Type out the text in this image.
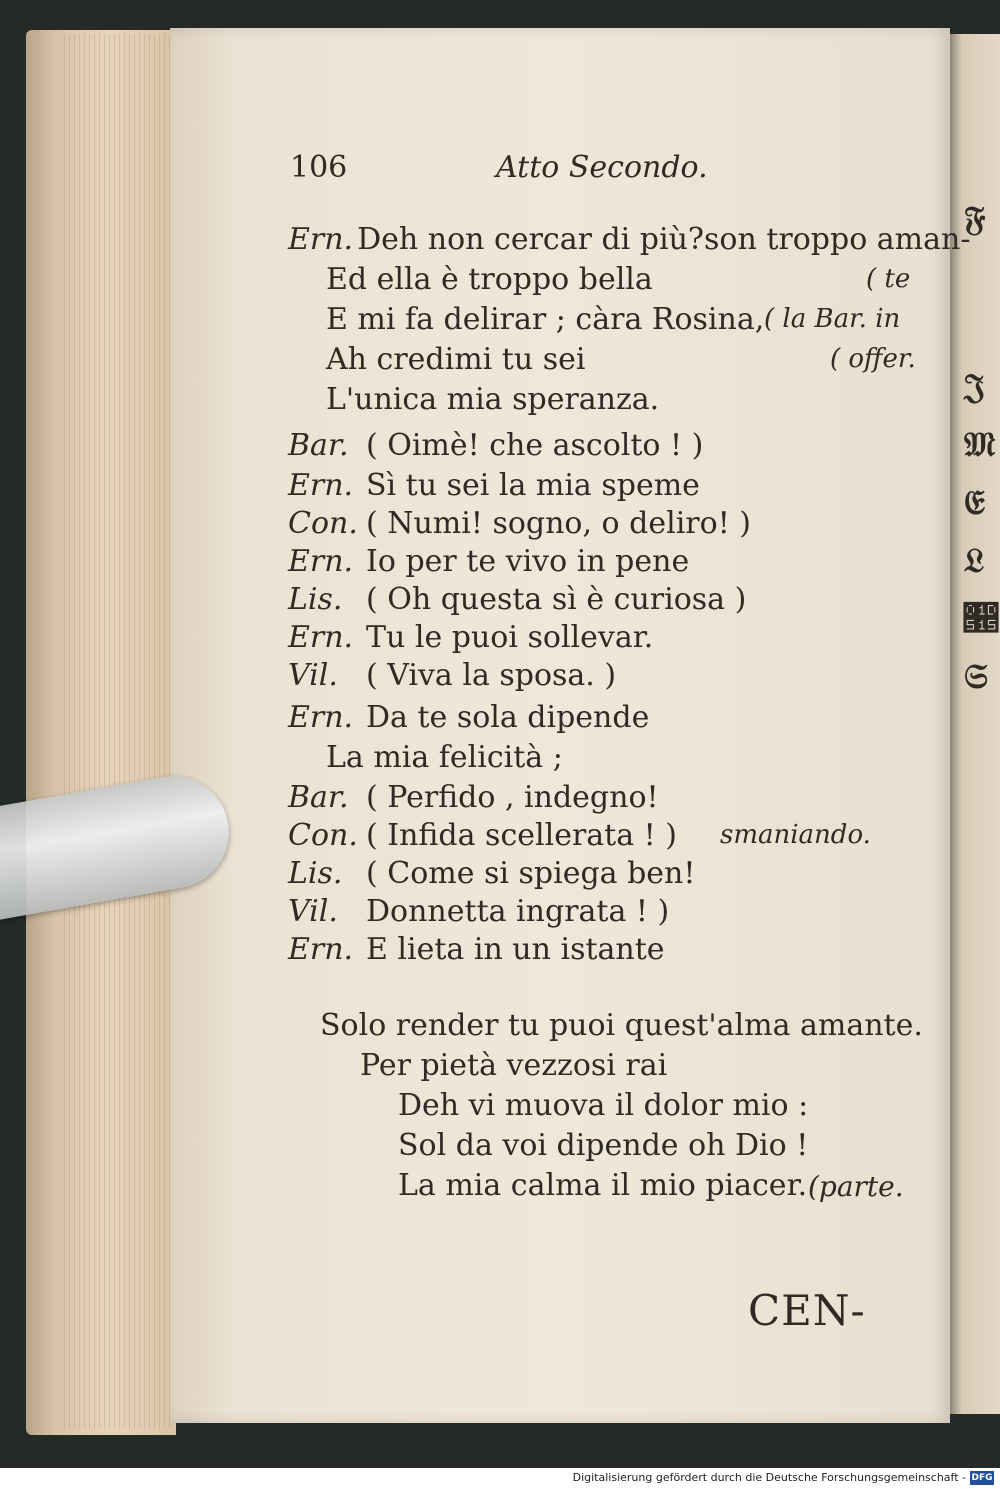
𝔉
𝔍
𝔐
𝔈
𝔏
𝔕
𝔖
106	Atto Secondo.
Ern. Deh non cercar di più?son troppo aman-
Ed ella è troppo bella
E mi fa delirar ; càra Rosina,
Ah credimi tu sei
L'unica mia speranza.
Bar. ( Oimè! che ascolto ! )
Ern. Sì tu sei la mia speme
Con. ( Numi! sogno, o deliro! )
Ern. Io per te vivo in pene
Lis. ( Oh questa sì è curiosa )
Ern. Tu le puoi sollevar.
Vil. ( Viva la sposa. )
Ern. Da te sola dipende
La mia felicità ;
Bar. ( Perfido , indegno!
Con. ( Infida scellerata ! )
Lis. ( Come si spiega ben!
Vil. Donnetta ingrata ! )
Ern. E lieta in un istante
( te
( la Bar. in
( offer.
smaniando.
Solo render tu puoi quest'alma amante.
Per pietà vezzosi rai
Deh vi muova il dolor mio :
Sol da voi dipende oh Dio !
La mia calma il mio piacer. (parte.
CEN-
Digitalisierung gefördert durch die Deutsche Forschungsgemeinschaft - DFG
